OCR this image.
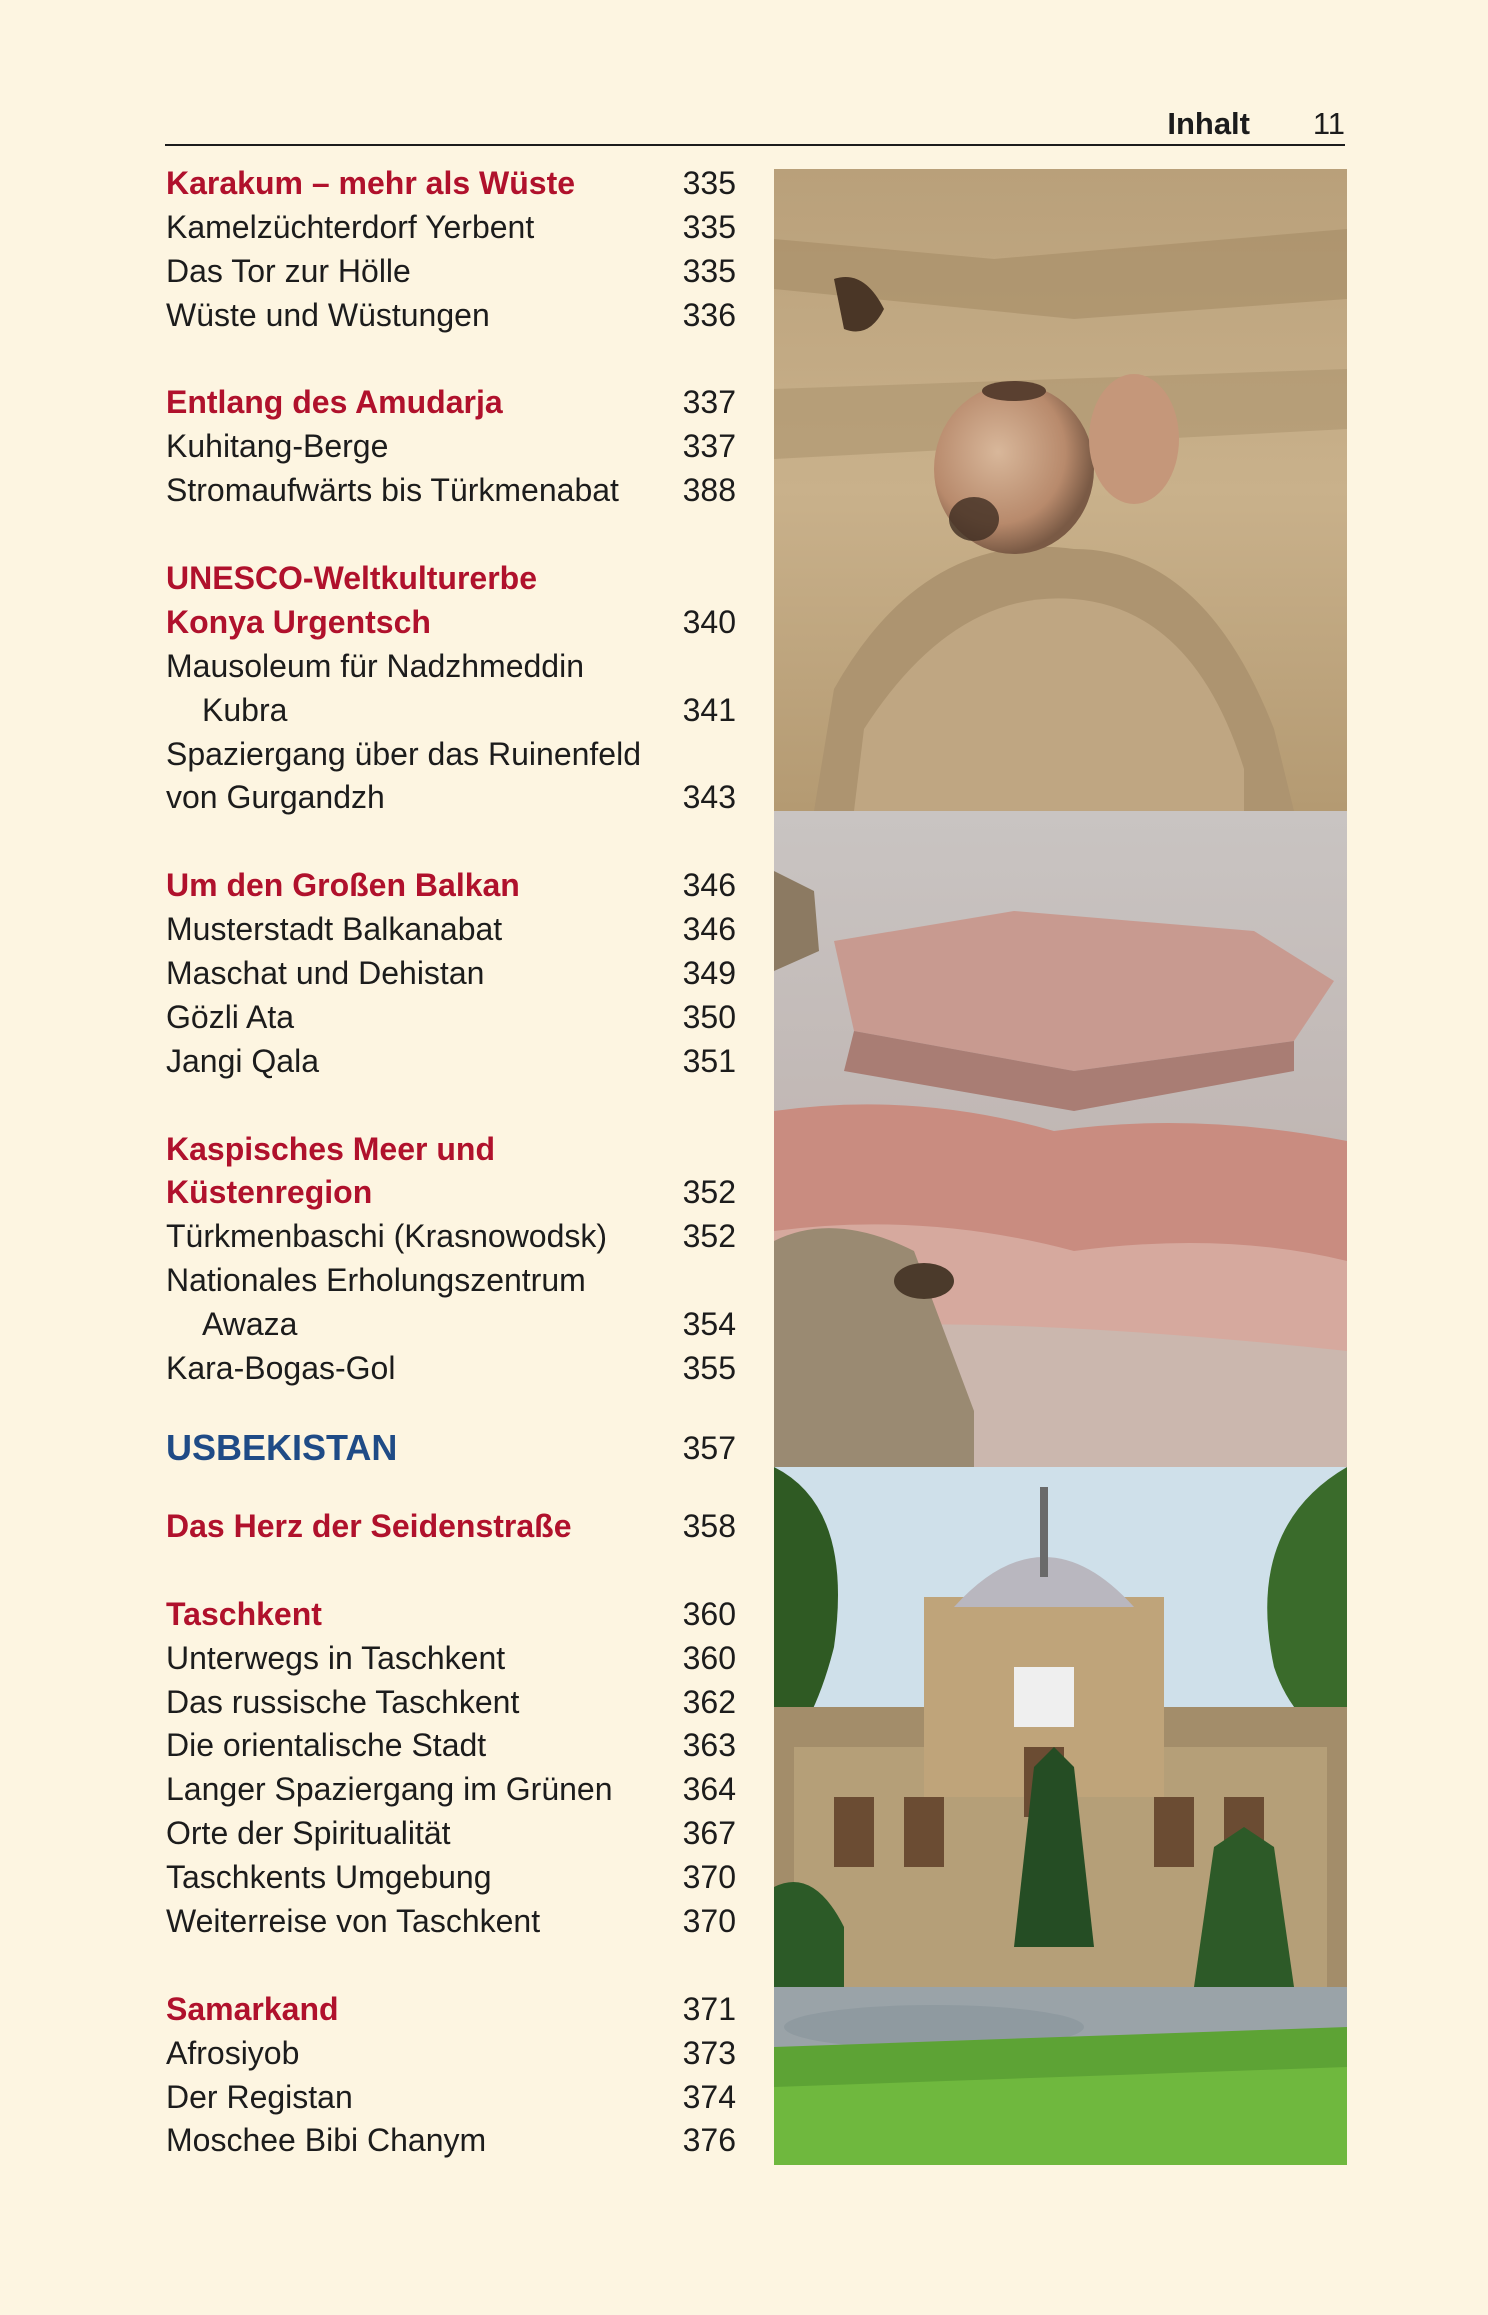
Inhalt 11
Karakum – mehr als Wüste	335
Kamelzüchterdorf Yerbent	335
Das Tor zur Hölle	335
Wüste und Wüstungen	336
Entlang des Amudarja	337
Kuhitang-Berge	337
Stromaufwärts bis Türkmenabat 388
UNESCO-Weltkulturerbe
Konya Urgentsch	340
Mausoleum für Nadzhmeddin
Kubra	341
Spaziergang über das Ruinenfeld
von Gurgandzh	343
Um den Großen Balkan	346
Musterstadt Balkanabat	346
Maschat und Dehistan	349
Gözli Ata	350
Jangi Qala	351
Kaspisches Meer und
Küstenregion	352
Türkmenbaschi (Krasnowodsk) 352
Nationales Erholungszentrum
Awaza	354
Kara-Bogas-Gol	355
USBEKISTAN	357
Das Herz der Seidenstraße	358
Taschkent	360
Unterwegs in Taschkent	360
Das russische Taschkent	362
Die orientalische Stadt	363
Langer Spaziergang im Grünen 364
Orte der Spiritualität	367
Taschkents Umgebung	370
Weiterreise von Taschkent	370
Samarkand	371
Afrosiyob	373
Der Registan	374
Moschee Bibi Chanym	376
